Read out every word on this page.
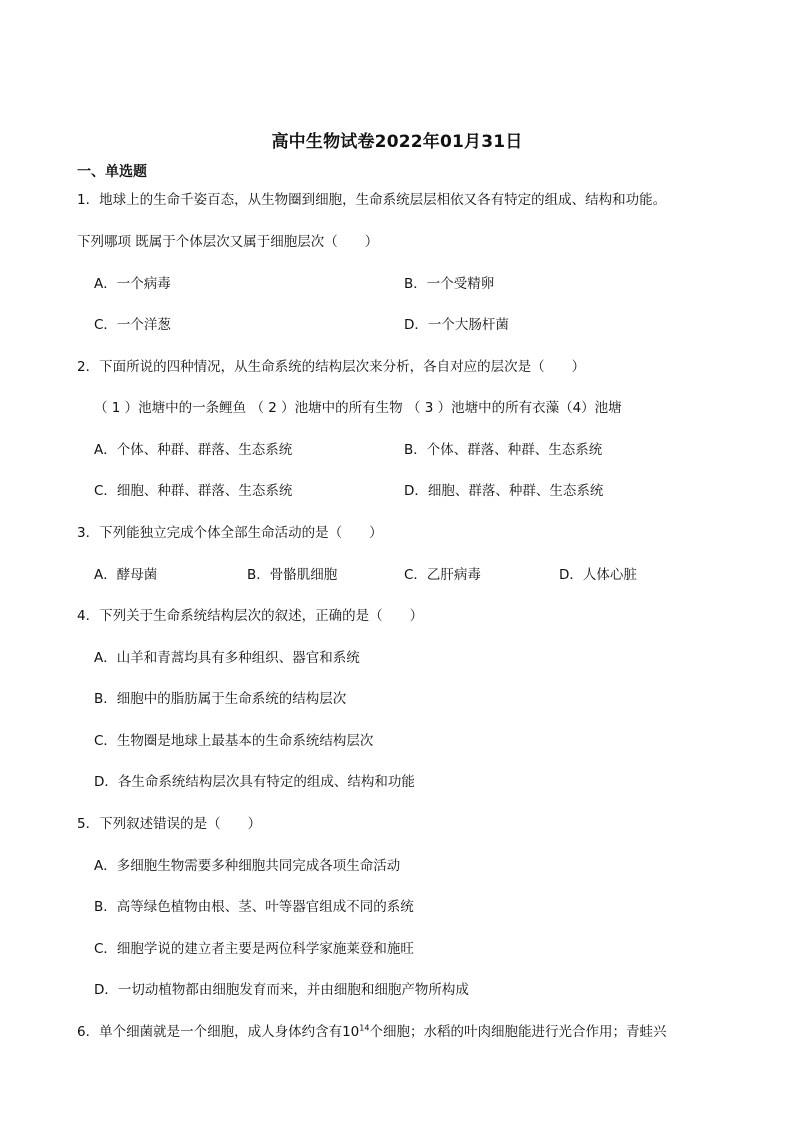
高中生物试卷2022年01月31日
一、单选题
1．地球上的生命千姿百态，从生物圈到细胞，生命系统层层相依又各有特定的组成、结构和功能。
下列哪项 既属于个体层次又属于细胞层次（　　）
A．一个病毒	B．一个受精卵
C．一个洋葱	D．一个大肠杆菌
2．下面所说的四种情况，从生命系统的结构层次来分析，各自对应的层次是（　　）
（ 1 ）池塘中的一条鲤鱼 （ 2 ）池塘中的所有生物 （ 3 ）池塘中的所有衣藻（4）池塘
A．个体、种群、群落、生态系统	B．个体、群落、种群、生态系统
C．细胞、种群、群落、生态系统	D．细胞、群落、种群、生态系统
3．下列能独立完成个体全部生命活动的是（　　）
A．酵母菌	B．骨骼肌细胞	C．乙肝病毒	D．人体心脏
4．下列关于生命系统结构层次的叙述，正确的是（　　）
A．山羊和青蒿均具有多种组织、器官和系统
B．细胞中的脂肪属于生命系统的结构层次
C．生物圈是地球上最基本的生命系统结构层次
D．各生命系统结构层次具有特定的组成、结构和功能
5．下列叙述错误的是（　　）
A．多细胞生物需要多种细胞共同完成各项生命活动
B．高等绿色植物由根、茎、叶等器官组成不同的系统
C．细胞学说的建立者主要是两位科学家施莱登和施旺
D．一切动植物都由细胞发育而来，并由细胞和细胞产物所构成
6．单个细菌就是一个细胞，成人身体约含有$10^{14}$个细胞；水稻的叶肉细胞能进行光合作用；青蛙兴
